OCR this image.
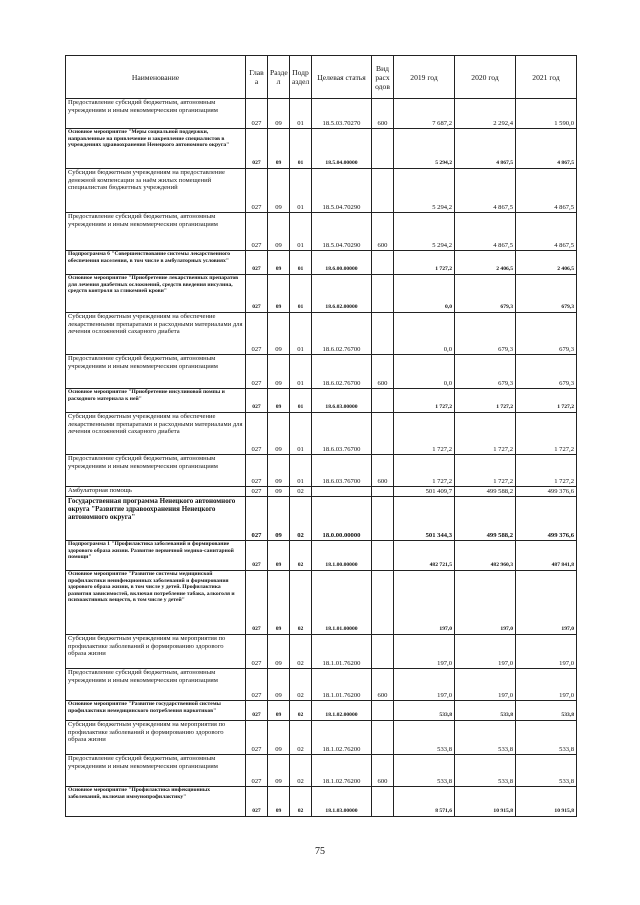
Наименование	Глав а	Разде л	Подр аздел	Целевая статья	Вид расх одов	2019 год	2020 год	2021 год
Предоставление субсидий бюджетным, автономным учреждениям и иным некоммерческим организациям	027	09	01	18.5.03.70270	600	7 687,2	2 292,4	1 590,0
Основное мероприятие "Меры социальной поддержки, направленные на привлечение и закрепление специалистов в учреждениях здравоохранения Ненецкого автономного округа"	027	09	01	18.5.04.00000		5 294,2	4 867,5	4 867,5
Субсидии бюджетным учреждениям на предоставление денежной компенсации за наём жилых помещений специалистам бюджетных учреждений	027	09	01	18.5.04.70290		5 294,2	4 867,5	4 867,5
Предоставление субсидий бюджетным, автономным учреждениям и иным некоммерческим организациям	027	09	01	18.5.04.70290	600	5 294,2	4 867,5	4 867,5
Подпрограмма 6 "Совершенствование системы лекарственного обеспечения населения, в том числе в амбулаторных условиях"	027	09	01	18.6.00.00000		1 727,2	2 406,5	2 406,5
Основное мероприятие "Приобретение лекарственных препаратов для лечения диабетных осложнений, средств введения инсулина, средств контроля за гликемией крови"	027	09	01	18.6.02.00000		0,0	679,3	679,3
Субсидии бюджетным учреждениям на обеспечение лекарственными препаратами и расходными материалами для лечения осложнений сахарного диабета	027	09	01	18.6.02.76700		0,0	679,3	679,3
Предоставление субсидий бюджетным, автономным учреждениям и иным некоммерческим организациям	027	09	01	18.6.02.76700	600	0,0	679,3	679,3
Основное мероприятие "Приобретение инсулиновой помпы и расходного материала к ней"	027	09	01	18.6.03.00000		1 727,2	1 727,2	1 727,2
Субсидии бюджетным учреждениям на обеспечение лекарственными препаратами и расходными материалами для лечения осложнений сахарного диабета	027	09	01	18.6.03.76700		1 727,2	1 727,2	1 727,2
Предоставление субсидий бюджетным, автономным учреждениям и иным некоммерческим организациям	027	09	01	18.6.03.76700	600	1 727,2	1 727,2	1 727,2
Амбулаторная помощь	027	09	02			501 409,7	499 588,2	499 376,6
Государственная программа Ненецкого автономного округа "Развитие здравоохранения Ненецкого автономного округа"	027	09	02	18.0.00.00000		501 344,3	499 588,2	499 376,6
Подпрограмма 1 "Профилактика заболеваний и формирование здорового образа жизни. Развитие первичной медико-санитарной помощи"	027	09	02	18.1.00.00000		482 721,5	482 960,3	487 841,8
Основное мероприятие "Развитие системы медицинской профилактики неинфекционных заболеваний и формирования здорового образа жизни, в том числе у детей. Профилактика развития зависимостей, включая потребление табака, алкоголя и психоактивных веществ, в том числе у детей"	027	09	02	18.1.01.00000		197,0	197,0	197,0
Субсидии бюджетным учреждениям на мероприятия по профилактике заболеваний и формированию здорового образа жизни	027	09	02	18.1.01.76200		197,0	197,0	197,0
Предоставление субсидий бюджетным, автономным учреждениям и иным некоммерческим организациям	027	09	02	18.1.01.76200	600	197,0	197,0	197,0
Основное мероприятие "Развитие государственной системы профилактики немедицинского потребления наркотиков"	027	09	02	18.1.02.00000		533,8	533,8	533,8
Субсидии бюджетным учреждениям на мероприятия по профилактике заболеваний и формированию здорового образа жизни	027	09	02	18.1.02.76200		533,8	533,8	533,8
Предоставление субсидий бюджетным, автономным учреждениям и иным некоммерческим организациям	027	09	02	18.1.02.76200	600	533,8	533,8	533,8
Основное мероприятие "Профилактика инфекционных заболеваний, включая иммунопрофилактику"	027	09	02	18.1.03.00000		8 571,6	10 915,8	10 915,8
75
